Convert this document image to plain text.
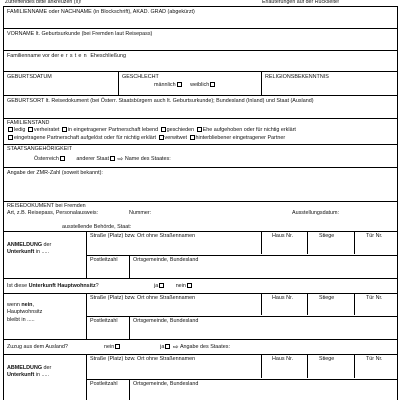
Zutreffendes bitte ankreuzen (x)!	Erläuterungen auf der Rückseite!
FAMILIENNAME oder NACHNAME (in Blockschrift), AKAD. GRAD (abgekürzt)
VORNAME lt. Geburtsurkunde (bei Fremden laut Reisepass)
Familienname vor der ersten Eheschließung
GEBURTSDATUM	GESCHLECHT
männlich	weiblich
RELIGIONSBEKENNTNIS
GEBURTSORT lt. Reisedokument (bei Österr. Staatsbürgern auch lt. Geburtsurkunde); Bundesland (Inland) und Staat (Ausland)
FAMILIENSTAND
ledig verheiratet in eingetragener Partnerschaft lebend geschieden Ehe aufgehoben oder für nichtig erklärt
eingetragene Partnerschaft aufgelöst oder für nichtig erklärt verwitwet hinterbliebener eingetragener Partner
STAATSANGEHÖRIGKEIT
Österreich	anderer Staat ⇨ Name des Staates:
Angabe der ZMR-Zahl (soweit bekannt):
REISEDOKUMENT bei Fremden
Art, z.B. Reisepass, Personalausweis:	Nummer:	Ausstellungsdatum:
ausstellende Behörde, Staat:
ANMELDUNG der
Unterkunft in .....
Straße (Platz) bzw. Ort ohne Straßennamen	Haus Nr.	Stiege	Tür Nr.
Postleitzahl	Ortsgemeinde, Bundesland
Ist diese Unterkunft Hauptwohnsitz?	ja	nein
wenn nein,
Hauptwohnsitz
bleibt in .....
Straße (Platz) bzw. Ort ohne Straßennamen	Haus Nr.	Stiege	Tür Nr.
Postleitzahl	Ortsgemeinde, Bundesland
Zuzug aus dem Ausland?	nein	ja ⇨ Angabe des Staates:
ABMELDUNG der
Unterkunft in .....
Straße (Platz) bzw. Ort ohne Straßennamen	Haus Nr.	Stiege	Tür Nr.
Postleitzahl	Ortsgemeinde, Bundesland
